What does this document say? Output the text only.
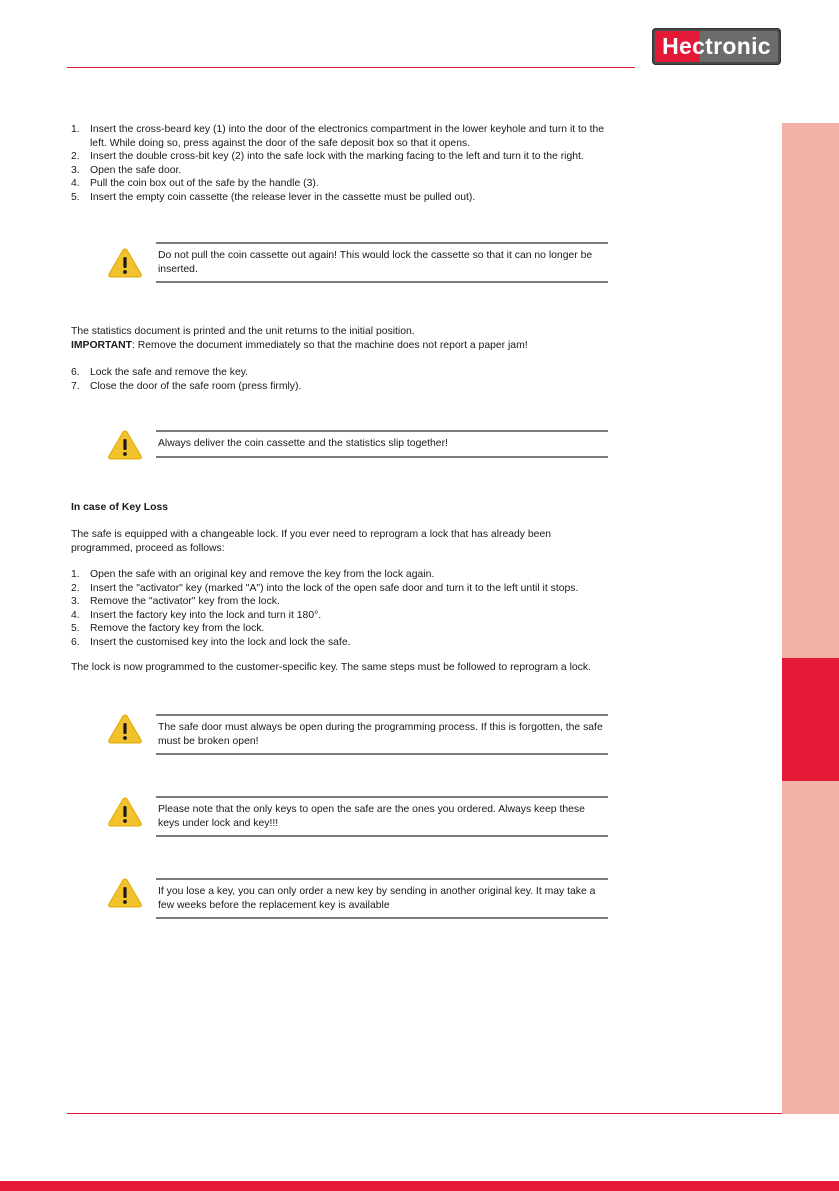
Hectronic
1. Insert the cross-beard key (1) into the door of the electronics compartment in the lower keyhole and turn it to the left. While doing so, press against the door of the safe deposit box so that it opens.
2. Insert the double cross-bit key (2) into the safe lock with the marking facing to the left and turn it to the right.
3. Open the safe door.
4. Pull the coin box out of the safe by the handle (3).
5. Insert the empty coin cassette (the release lever in the cassette must be pulled out).
Do not pull the coin cassette out again! This would lock the cassette so that it can no longer be inserted.

The statistics document is printed and the unit returns to the initial position.

IMPORTANT: Remove the document immediately so that the machine does not report a paper jam!

6. Lock the safe and remove the key.
7. Close the door of the safe room (press firmly).
Always deliver the coin cassette and the statistics slip together!

In case of Key Loss

The safe is equipped with a changeable lock. If you ever need to reprogram a lock that has already been programmed, proceed as follows:

1. Open the safe with an original key and remove the key from the lock again.
2. Insert the "activator" key (marked "A") into the lock of the open safe door and turn it to the left until it stops.
3. Remove the "activator" key from the lock.
4. Insert the factory key into the lock and turn it 180°.
5. Remove the factory key from the lock.
6. Insert the customised key into the lock and lock the safe.

The lock is now programmed to the customer-specific key. The same steps must be followed to reprogram a lock.

The safe door must always be open during the programming process. If this is forgotten, the safe must be broken open!
Please note that the only keys to open the safe are the ones you ordered. Always keep these keys under lock and key!!!
If you lose a key, you can only order a new key by sending in another original key. It may take a few weeks before the replacement key is available
